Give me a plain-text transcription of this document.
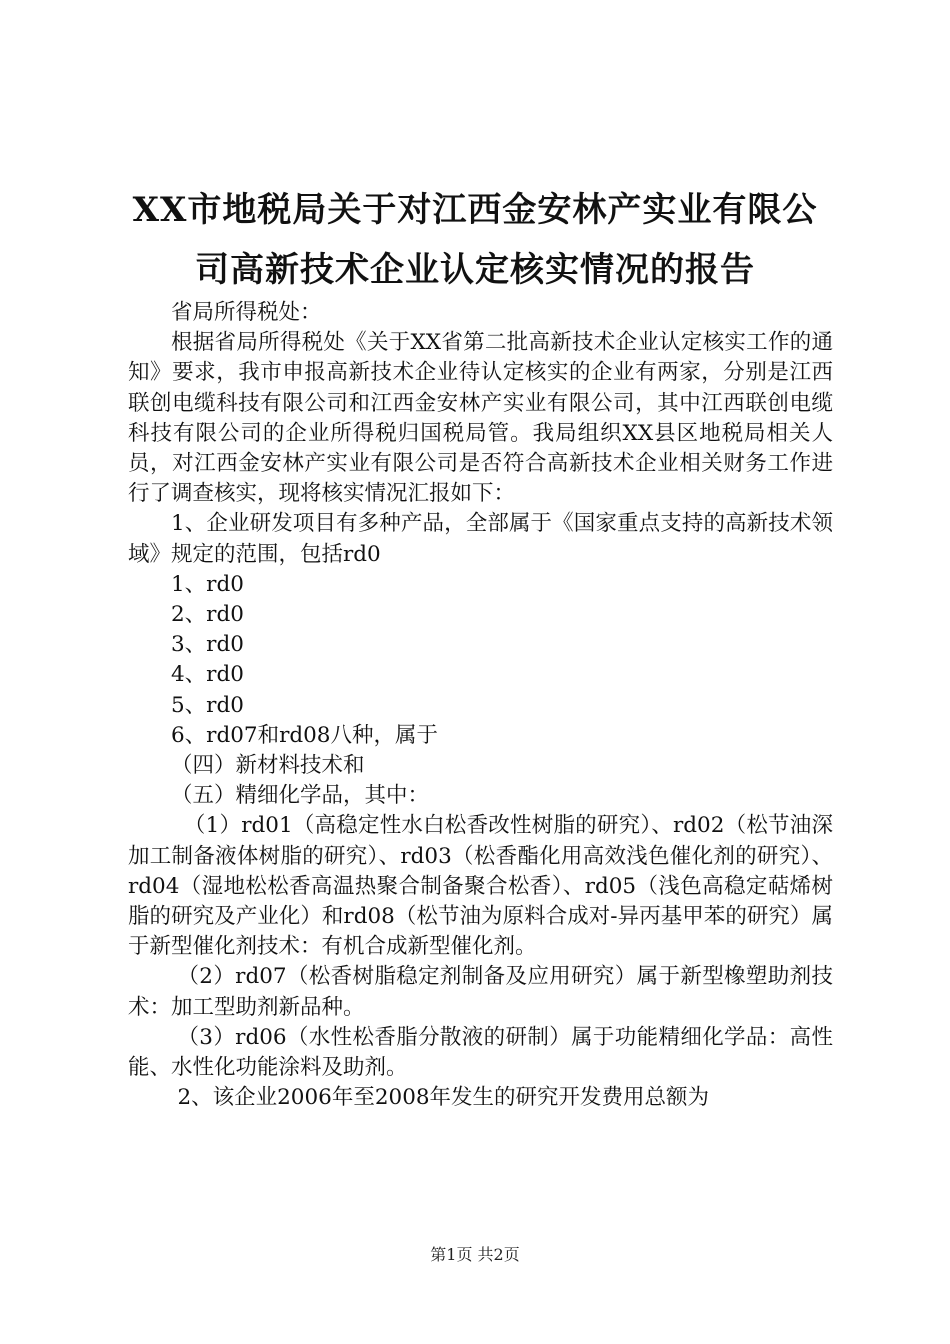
XX市地税局关于对江西金安林产实业有限公
司高新技术企业认定核实情况的报告

省局所得税处：

根据省局所得税处《关于XX省第二批高新技术企业认定核实工作的通知》要求，我市申报高新技术企业待认定核实的企业有两家，分别是江西联创电缆科技有限公司和江西金安林产实业有限公司，其中江西联创电缆科技有限公司的企业所得税归国税局管。我局组织XX县区地税局相关人员，对江西金安林产实业有限公司是否符合高新技术企业相关财务工作进行了调查核实，现将核实情况汇报如下：

1、企业研发项目有多种产品，全部属于《国家重点支持的高新技术领域》规定的范围，包括rd0

1、rd0

2、rd0

3、rd0

4、rd0

5、rd0

6、rd07和rd08八种，属于

（四）新材料技术和

（五）精细化学品，其中：

（1）rd01（高稳定性水白松香改性树脂的研究）、rd02（松节油深加工制备液体树脂的研究）、rd03（松香酯化用高效浅色催化剂的研究）、rd04（湿地松松香高温热聚合制备聚合松香）、rd05（浅色高稳定萜烯树脂的研究及产业化）和rd08（松节油为原料合成对-异丙基甲苯的研究）属于新型催化剂技术：有机合成新型催化剂。

（2）rd07（松香树脂稳定剂制备及应用研究）属于新型橡塑助剂技术：加工型助剂新品种。

（3）rd06（水性松香脂分散液的研制）属于功能精细化学品：高性能、水性化功能涂料及助剂。

2、该企业2006年至2008年发生的研究开发费用总额为

第1页 共2页
